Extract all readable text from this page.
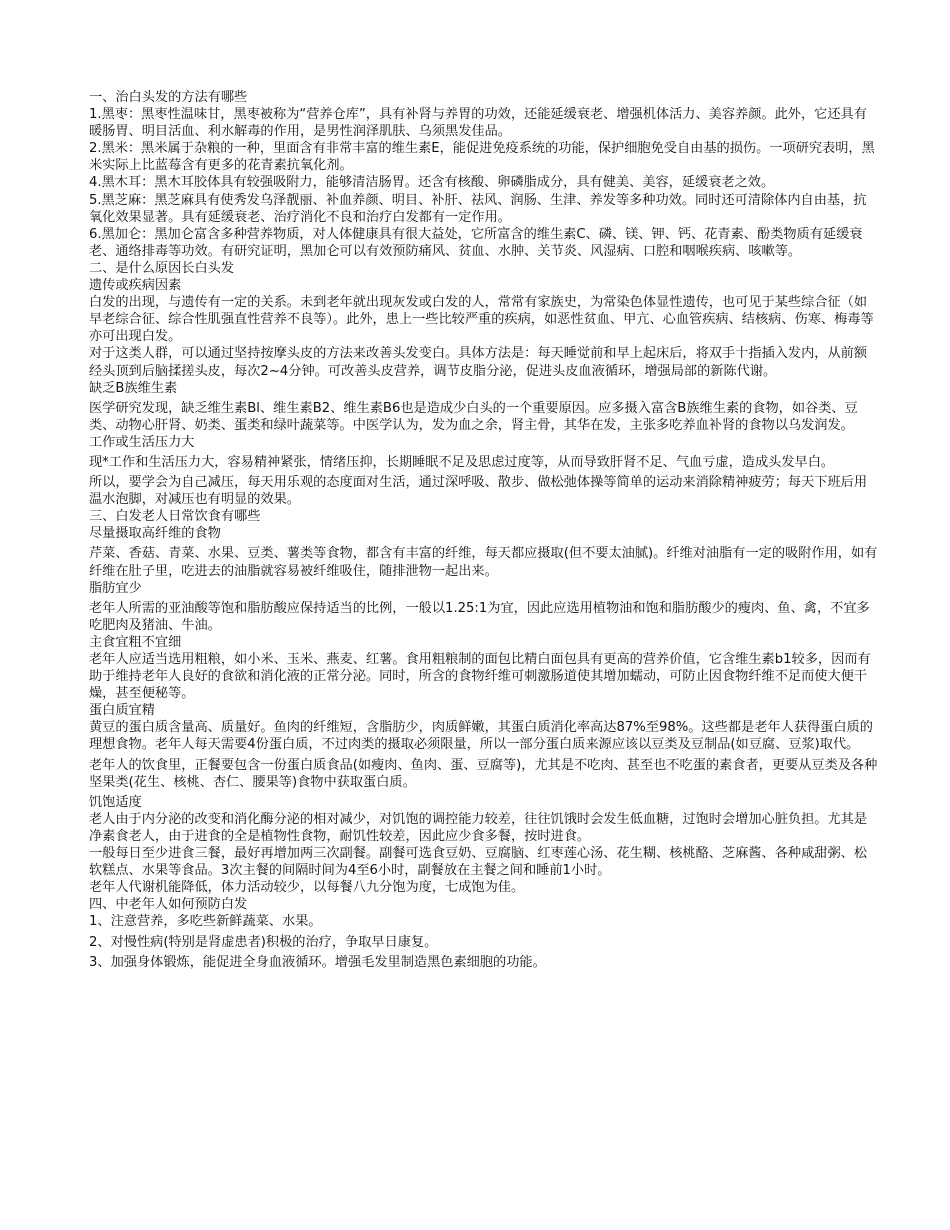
一、治白头发的方法有哪些

1.黑枣：黑枣性温味甘，黑枣被称为“营养仓库”，具有补肾与养胃的功效，还能延缓衰老、增强机体活力、美容养颜。此外，它还具有暖肠胃、明目活血、利水解毒的作用，是男性润泽肌肤、乌须黑发佳品。

2.黑米：黑米属于杂粮的一种，里面含有非常丰富的维生素E，能促进免疫系统的功能，保护细胞免受自由基的损伤。一项研究表明，黑米实际上比蓝莓含有更多的花青素抗氧化剂。

4.黑木耳：黑木耳胶体具有较强吸附力，能够清洁肠胃。还含有核酸、卵磷脂成分，具有健美、美容，延缓衰老之效。

5.黑芝麻：黑芝麻具有使秀发乌泽靓丽、补血养颜、明目、补肝、祛风、润肠、生津、养发等多种功效。同时还可清除体内自由基，抗氧化效果显著。具有延缓衰老、治疗消化不良和治疗白发都有一定作用。

6.黑加仑：黑加仑富含多种营养物质，对人体健康具有很大益处，它所富含的维生素C、磷、镁、钾、钙、花青素、酚类物质有延缓衰老、通络排毒等功效。有研究证明，黑加仑可以有效预防痛风、贫血、水肿、关节炎、风湿病、口腔和咽喉疾病、咳嗽等。

二、是什么原因长白头发

遗传或疾病因素

白发的出现，与遗传有一定的关系。未到老年就出现灰发或白发的人，常常有家族史，为常染色体显性遗传，也可见于某些综合征（如早老综合征、综合性肌强直性营养不良等）。此外，患上一些比较严重的疾病，如恶性贫血、甲亢、心血管疾病、结核病、伤寒、梅毒等亦可出现白发。

对于这类人群，可以通过坚持按摩头皮的方法来改善头发变白。具体方法是：每天睡觉前和早上起床后，将双手十指插入发内，从前额经头顶到后脑揉搓头皮，每次2~4分钟。可改善头皮营养，调节皮脂分泌，促进头皮血液循环，增强局部的新陈代谢。

缺乏B族维生素

医学研究发现，缺乏维生素Bl、维生素B2、维生素B6也是造成少白头的一个重要原因。应多摄入富含B族维生素的食物，如谷类、豆类、动物心肝肾、奶类、蛋类和绿叶蔬菜等。中医学认为，发为血之余，肾主骨，其华在发，主张多吃养血补肾的食物以乌发润发。

工作或生活压力大

现*工作和生活压力大，容易精神紧张，情绪压抑，长期睡眠不足及思虑过度等，从而导致肝肾不足、气血亏虚，造成头发早白。

所以，要学会为自己减压，每天用乐观的态度面对生活，通过深呼吸、散步、做松弛体操等简单的运动来消除精神疲劳；每天下班后用温水泡脚，对减压也有明显的效果。

三、白发老人日常饮食有哪些

尽量摄取高纤维的食物

芹菜、香菇、青菜、水果、豆类、薯类等食物，都含有丰富的纤维，每天都应摄取(但不要太油腻)。纤维对油脂有一定的吸附作用，如有纤维在肚子里，吃进去的油脂就容易被纤维吸住，随排泄物一起出来。

脂肪宜少

老年人所需的亚油酸等饱和脂肪酸应保持适当的比例，一般以1.25:1为宜，因此应选用植物油和饱和脂肪酸少的瘦肉、鱼、禽，不宜多吃肥肉及猪油、牛油。

主食宜粗不宜细

老年人应适当选用粗粮，如小米、玉米、燕麦、红薯。食用粗粮制的面包比精白面包具有更高的营养价值，它含维生素b1较多，因而有助于维持老年人良好的食欲和消化液的正常分泌。同时，所含的食物纤维可刺激肠道使其增加蠕动，可防止因食物纤维不足而使大便干燥，甚至便秘等。

蛋白质宜精

黄豆的蛋白质含量高、质量好。鱼肉的纤维短，含脂肪少，肉质鲜嫩，其蛋白质消化率高达87%至98%。这些都是老年人获得蛋白质的理想食物。老年人每天需要4份蛋白质，不过肉类的摄取必须限量，所以一部分蛋白质来源应该以豆类及豆制品(如豆腐、豆浆)取代。

老年人的饮食里，正餐要包含一份蛋白质食品(如瘦肉、鱼肉、蛋、豆腐等)，尤其是不吃肉、甚至也不吃蛋的素食者，更要从豆类及各种坚果类(花生、核桃、杏仁、腰果等)食物中获取蛋白质。

饥饱适度

老人由于内分泌的改变和消化酶分泌的相对减少，对饥饱的调控能力较差，往往饥饿时会发生低血糖，过饱时会增加心脏负担。尤其是净素食老人，由于进食的全是植物性食物，耐饥性较差，因此应少食多餐，按时进食。

一般每日至少进食三餐，最好再增加两三次副餐。副餐可选食豆奶、豆腐脑、红枣莲心汤、花生糊、核桃酪、芝麻酱、各种咸甜粥、松软糕点、水果等食品。3次主餐的间隔时间为4至6小时，副餐放在主餐之间和睡前1小时。

老年人代谢机能降低，体力活动较少，以每餐八九分饱为度，七成饱为佳。

四、中老年人如何预防白发

1、注意营养，多吃些新鲜蔬菜、水果。

2、对慢性病(特别是肾虚患者)积极的治疗，争取早日康复。

3、加强身体锻炼，能促进全身血液循环。增强毛发里制造黑色素细胞的功能。
